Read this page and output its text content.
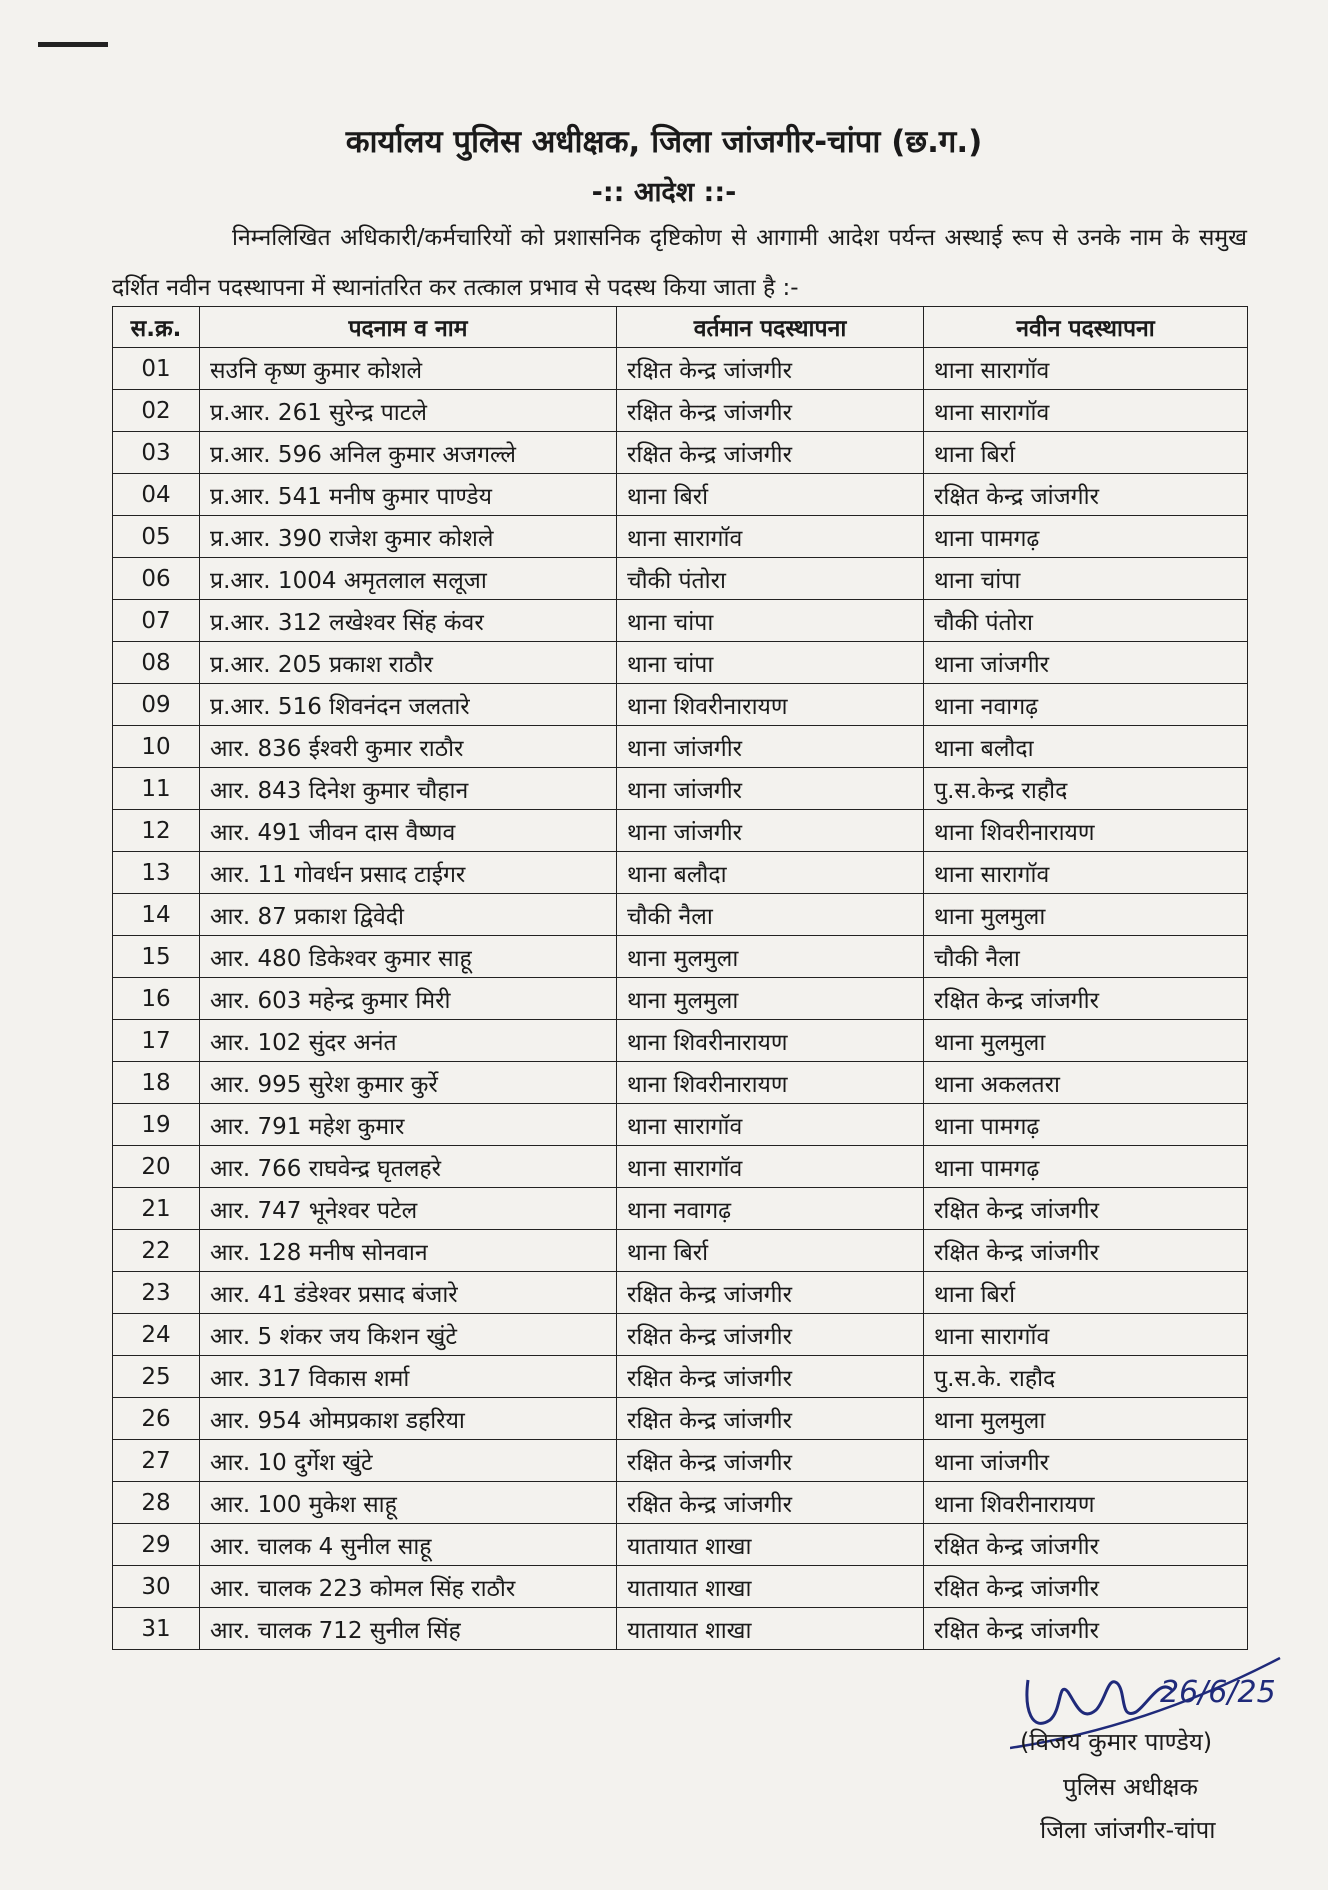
कार्यालय पुलिस अधीक्षक, जिला जांजगीर-चांपा (छ.ग.)
-:: आदेश ::-
निम्नलिखित अधिकारी/कर्मचारियों को प्रशासनिक दृष्टिकोण से आगामी आदेश पर्यन्त अस्थाई रूप से उनके नाम के समुख दर्शित नवीन पदस्थापना में स्थानांतरित कर तत्काल प्रभाव से पदस्थ किया जाता है :-
स.क्र.	पदनाम व नाम	वर्तमान पदस्थापना	नवीन पदस्थापना
01	सउनि कृष्ण कुमार कोशले	रक्षित केन्द्र जांजगीर	थाना सारागॉव
02	प्र.आर. 261 सुरेन्द्र पाटले	रक्षित केन्द्र जांजगीर	थाना सारागॉव
03	प्र.आर. 596 अनिल कुमार अजगल्ले	रक्षित केन्द्र जांजगीर	थाना बिर्रा
04	प्र.आर. 541 मनीष कुमार पाण्डेय	थाना बिर्रा	रक्षित केन्द्र जांजगीर
05	प्र.आर. 390 राजेश कुमार कोशले	थाना सारागॉव	थाना पामगढ़
06	प्र.आर. 1004 अमृतलाल सलूजा	चौकी पंतोरा	थाना चांपा
07	प्र.आर. 312 लखेश्वर सिंह कंवर	थाना चांपा	चौकी पंतोरा
08	प्र.आर. 205 प्रकाश राठौर	थाना चांपा	थाना जांजगीर
09	प्र.आर. 516 शिवनंदन जलतारे	थाना शिवरीनारायण	थाना नवागढ़
10	आर. 836 ईश्वरी कुमार राठौर	थाना जांजगीर	थाना बलौदा
11	आर. 843 दिनेश कुमार चौहान	थाना जांजगीर	पु.स.केन्द्र राहौद
12	आर. 491 जीवन दास वैष्णव	थाना जांजगीर	थाना शिवरीनारायण
13	आर. 11 गोवर्धन प्रसाद टाईगर	थाना बलौदा	थाना सारागॉव
14	आर. 87 प्रकाश द्विवेदी	चौकी नैला	थाना मुलमुला
15	आर. 480 डिकेश्वर कुमार साहू	थाना मुलमुला	चौकी नैला
16	आर. 603 महेन्द्र कुमार मिरी	थाना मुलमुला	रक्षित केन्द्र जांजगीर
17	आर. 102 सुंदर अनंत	थाना शिवरीनारायण	थाना मुलमुला
18	आर. 995 सुरेश कुमार कुर्रे	थाना शिवरीनारायण	थाना अकलतरा
19	आर. 791 महेश कुमार	थाना सारागॉव	थाना पामगढ़
20	आर. 766 राघवेन्द्र घृतलहरे	थाना सारागॉव	थाना पामगढ़
21	आर. 747 भूनेश्वर पटेल	थाना नवागढ़	रक्षित केन्द्र जांजगीर
22	आर. 128 मनीष सोनवान	थाना बिर्रा	रक्षित केन्द्र जांजगीर
23	आर. 41 डंडेश्वर प्रसाद बंजारे	रक्षित केन्द्र जांजगीर	थाना बिर्रा
24	आर. 5 शंकर जय किशन खुंटे	रक्षित केन्द्र जांजगीर	थाना सारागॉव
25	आर. 317 विकास शर्मा	रक्षित केन्द्र जांजगीर	पु.स.के. राहौद
26	आर. 954 ओमप्रकाश डहरिया	रक्षित केन्द्र जांजगीर	थाना मुलमुला
27	आर. 10 दुर्गेश खुंटे	रक्षित केन्द्र जांजगीर	थाना जांजगीर
28	आर. 100 मुकेश साहू	रक्षित केन्द्र जांजगीर	थाना शिवरीनारायण
29	आर. चालक 4 सुनील साहू	यातायात शाखा	रक्षित केन्द्र जांजगीर
30	आर. चालक 223 कोमल सिंह राठौर	यातायात शाखा	रक्षित केन्द्र जांजगीर
31	आर. चालक 712 सुनील सिंह	यातायात शाखा	रक्षित केन्द्र जांजगीर
26/6/25
(विजय कुमार पाण्डेय)
पुलिस अधीक्षक
जिला जांजगीर-चांपा
